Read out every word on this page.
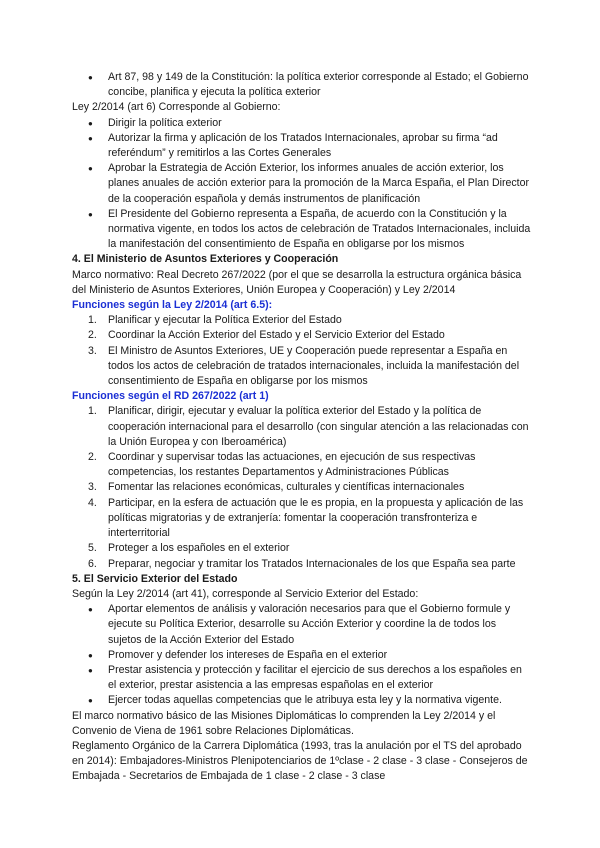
● Art 87, 98 y 149 de la Constitución: la política exterior corresponde al Estado; el Gobierno concibe, planifica y ejecuta la política exterior

Ley 2/2014 (art 6) Corresponde al Gobierno:

● Dirigir la política exterior
● Autorizar la firma y aplicación de los Tratados Internacionales, aprobar su firma “ad referéndum” y remitirlos a las Cortes Generales
● Aprobar la Estrategia de Acción Exterior, los informes anuales de acción exterior, los planes anuales de acción exterior para la promoción de la Marca España, el Plan Director de la cooperación española y demás instrumentos de planificación
● El Presidente del Gobierno representa a España, de acuerdo con la Constitución y la normativa vigente, en todos los actos de celebración de Tratados Internacionales, incluida la manifestación del consentimiento de España en obligarse por los mismos

4. El Ministerio de Asuntos Exteriores y Cooperación

Marco normativo: Real Decreto 267/2022 (por el que se desarrolla la estructura orgánica básica del Ministerio de Asuntos Exteriores, Unión Europea y Cooperación) y Ley 2/2014

Funciones según la Ley 2/2014 (art 6.5):

1. Planificar y ejecutar la Política Exterior del Estado
2. Coordinar la Acción Exterior del Estado y el Servicio Exterior del Estado
3. El Ministro de Asuntos Exteriores, UE y Cooperación puede representar a España en todos los actos de celebración de tratados internacionales, incluida la manifestación del consentimiento de España en obligarse por los mismos

Funciones según el RD 267/2022 (art 1)

1. Planificar, dirigir, ejecutar y evaluar la política exterior del Estado y la política de cooperación internacional para el desarrollo (con singular atención a las relacionadas con la Unión Europea y con Iberoamérica)
2. Coordinar y supervisar todas las actuaciones, en ejecución de sus respectivas competencias, los restantes Departamentos y Administraciones Públicas
3. Fomentar las relaciones económicas, culturales y científicas internacionales
4. Participar, en la esfera de actuación que le es propia, en la propuesta y aplicación de las políticas migratorias y de extranjería: fomentar la cooperación transfronteriza e interterritorial
5. Proteger a los españoles en el exterior
6. Preparar, negociar y tramitar los Tratados Internacionales de los que España sea parte

5. El Servicio Exterior del Estado

Según la Ley 2/2014 (art 41), corresponde al Servicio Exterior del Estado:

● Aportar elementos de análisis y valoración necesarios para que el Gobierno formule y ejecute su Política Exterior, desarrolle su Acción Exterior y coordine la de todos los sujetos de la Acción Exterior del Estado
● Promover y defender los intereses de España en el exterior
● Prestar asistencia y protección y facilitar el ejercicio de sus derechos a los españoles en el exterior, prestar asistencia a las empresas españolas en el exterior
● Ejercer todas aquellas competencias que le atribuya esta ley y la normativa vigente.

El marco normativo básico de las Misiones Diplomáticas lo comprenden la Ley 2/2014 y el Convenio de Viena de 1961 sobre Relaciones Diplomáticas.

Reglamento Orgánico de la Carrera Diplomática (1993, tras la anulación por el TS del aprobado en 2014): Embajadores-Ministros Plenipotenciarios de 1ºclase - 2 clase - 3 clase - Consejeros de Embajada - Secretarios de Embajada de 1 clase - 2 clase - 3 clase
